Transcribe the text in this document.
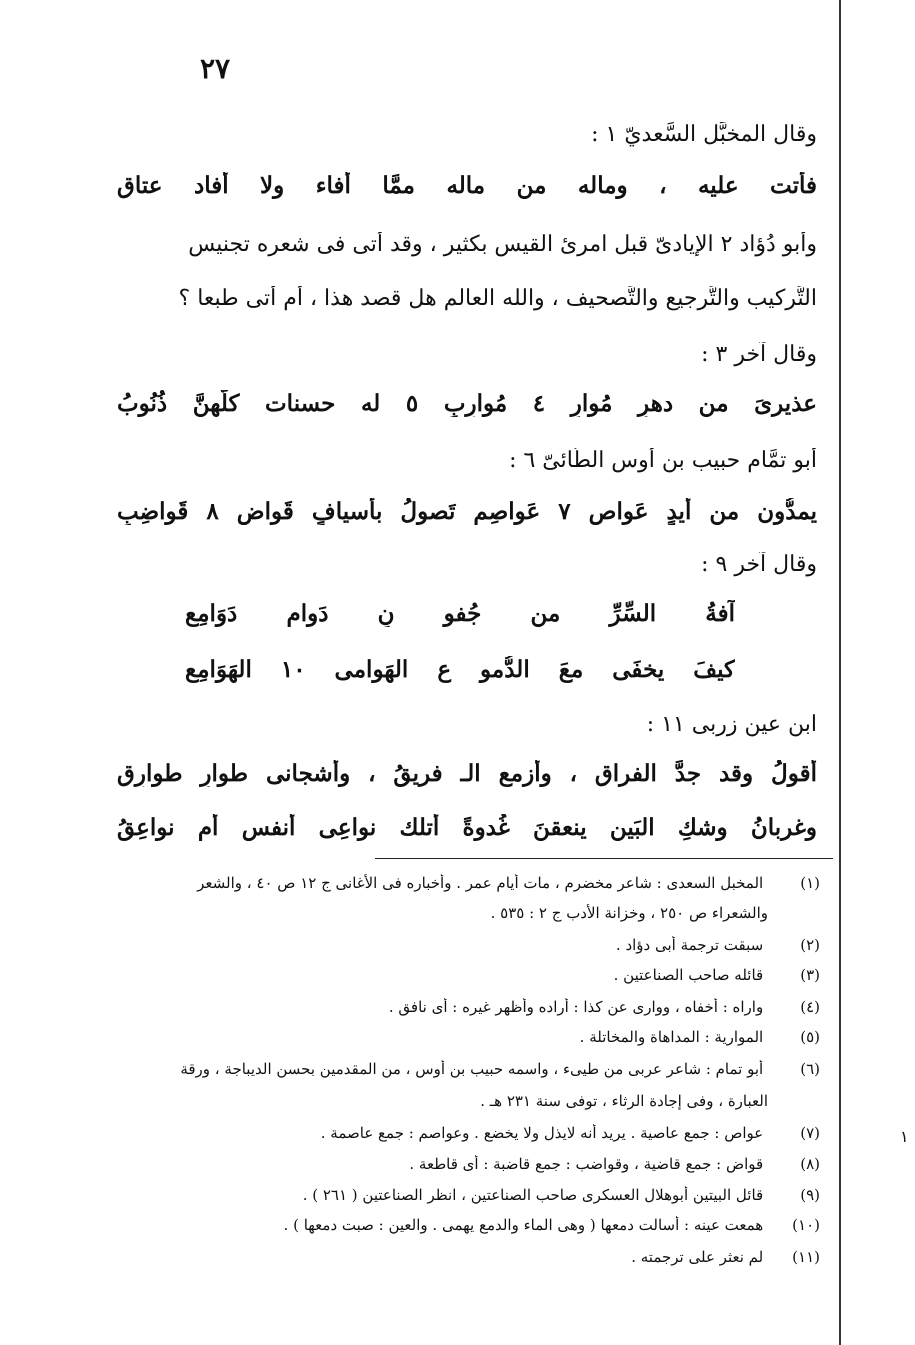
٢٧
وقال المخبَّل السَّعديّ ١ :
فأتت عليه ، وماله من ماله ممَّا أفاء ولا أفاد عتاق
وأبو دُؤاد ٢ الإيادىّ قبل امرئ القيس بكثير ، وقد أتى فى شعره تجنيس
التَّركيب والتَّرجيع والتَّصحيف ، والله العالم هل قصد هذا ، أم أتى طبعا ؟
وقال آخر ٣ :
عذيرىَ من دهرٍ مُوارٍ ٤ مُوارِبٍ ٥ له حسنات كلُّهنَّ ذُنُوبُ
أبو تمَّام حبيب بن أوس الطَّائىّ ٦ :
يمدُّون من أيدٍ عَواصٍ ٧ عَواصِمٍ تَصولُ بأسيافٍ قَواضٍ ٨ قَواضِبِ
وقال آخر ٩ :
آفةُ السِّرِّ من جُفو نٍ دَوامٍ دَوَامِع
كيفَ يخفَى معَ الدُّمو عِ الهَوامى ١٠ الهَوَامِعِ
ابن عين زربى ١١ :
أقولُ وقد جدَّ الفراق ، وأزمع الـ فريقُ ، وأشجانى طوارٍ طوارِق
وغربانُ وشكِ البَين ينعقنَ غُدوةً أتلك نواعِى أنفسٍ أم نواعِقُ
(١) المخبل السعدى : شاعر مخضرم ، مات أيام عمر . وأخباره فى الأغانى ج ١٢ ص ٤٠ ، والشعر
والشعراء ص ٢٥٠ ، وخزانة الأدب ج ٢ : ٥٣٥ .
(٢) سبقت ترجمة أبى دؤاد .
(٣) قائله صاحب الصناعتين .
(٤) واراه : أخفاه ، ووارى عن كذا : أراده وأظهر غيره : أى نافق .
(٥) الموارية : المداهاة والمخاتلة .
(٦) أبو تمام : شاعر عربى من طيىء ، واسمه حبيب بن أوس ، من المقدمين بحسن الديباجة ، ورقة
العبارة ، وفى إجادة الرثاء ، توفى سنة ٢٣١ هـ .
(٧) عواص : جمع عاصية . يريد أنه لايذل ولا يخضع . وعواصم : جمع عاصمة .
(٨) قواض : جمع قاضية ، وقواضب : جمع قاضبة : أى قاطعة .
(٩) قائل البيتين أبوهلال العسكرى صاحب الصناعتين ، انظر الصناعتين ( ٢٦١ ) .
(١٠) همعت عينه : أسالت دمعها ( وهى الماء والدمع يهمى . والعين : صبت دمعها ) .
(١١) لم نعثر على ترجمته .
١
